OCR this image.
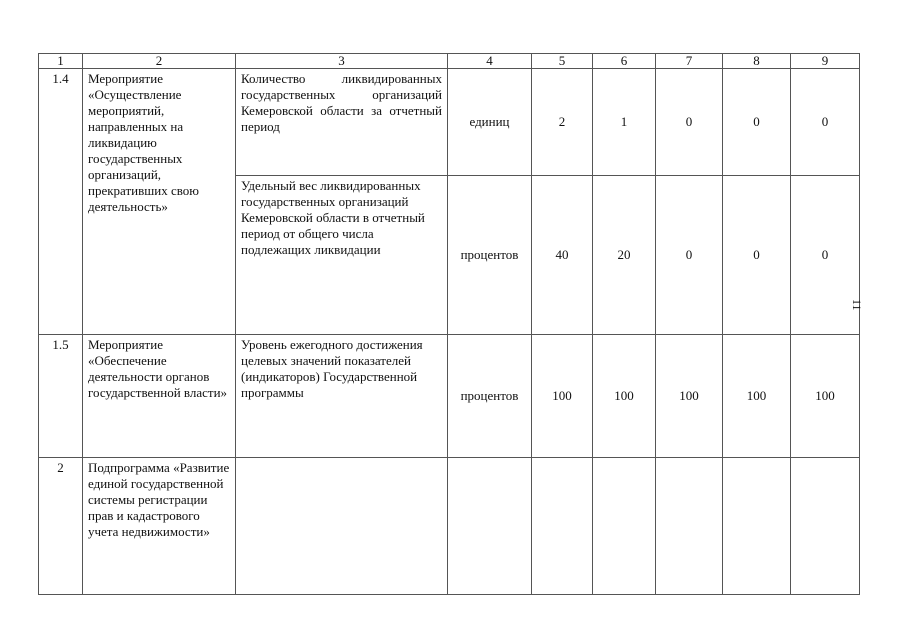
1	2	3	4	5	6	7	8	9
1.4	Мероприятие «Осуществление мероприятий, направленных на ликвидацию государственных организаций, прекративших свою деятельность»	Количество ликвидированных государственных организаций Кемеровской области за отчетный период	единиц	2	1	0	0	0
		Удельный вес ликвидированных государственных организаций Кемеровской области в отчетный период от общего числа подлежащих ликвидации	процентов	40	20	0	0	0
1.5	Мероприятие «Обеспечение деятельности органов государственной власти»	Уровень ежегодного достижения целевых значений показателей (индикаторов) Государственной программы	процентов	100	100	100	100	100
2	Подпрограмма «Развитие единой государственной системы регистрации прав и кадастрового учета недвижимости»							
11
